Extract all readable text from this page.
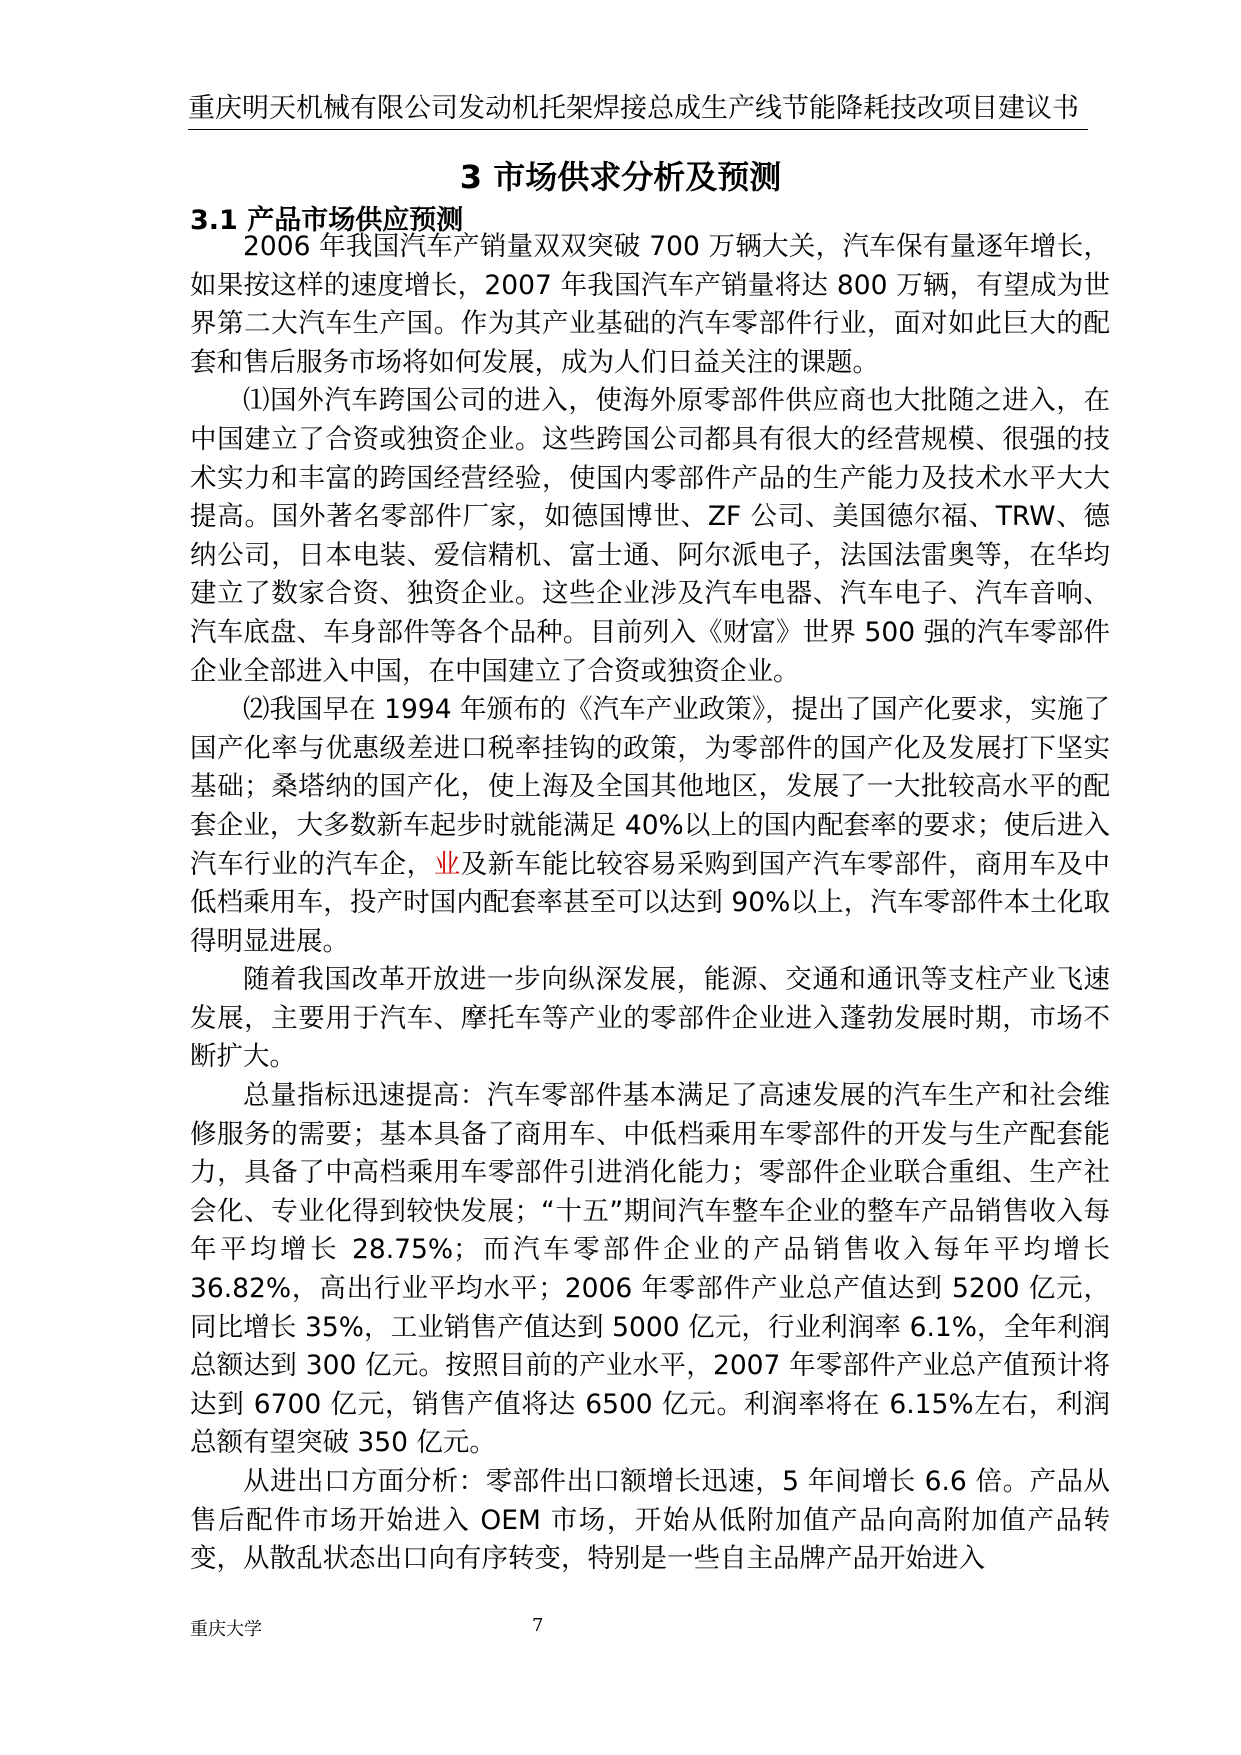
重庆明天机械有限公司发动机托架焊接总成生产线节能降耗技改项目建议书
3 市场供求分析及预测
3.1 产品市场供应预测

2006 年我国汽车产销量双双突破 700 万辆大关，汽车保有量逐年增长，如果按这样的速度增长，2007 年我国汽车产销量将达 800 万辆，有望成为世界第二大汽车生产国。作为其产业基础的汽车零部件行业，面对如此巨大的配套和售后服务市场将如何发展，成为人们日益关注的课题。

⑴国外汽车跨国公司的进入，使海外原零部件供应商也大批随之进入，在中国建立了合资或独资企业。这些跨国公司都具有很大的经营规模、很强的技术实力和丰富的跨国经营经验，使国内零部件产品的生产能力及技术水平大大提高。国外著名零部件厂家，如德国博世、ZF 公司、美国德尔福、TRW、德纳公司，日本电装、爱信精机、富士通、阿尔派电子，法国法雷奥等，在华均建立了数家合资、独资企业。这些企业涉及汽车电器、汽车电子、汽车音响、汽车底盘、车身部件等各个品种。目前列入《财富》世界 500 强的汽车零部件企业全部进入中国，在中国建立了合资或独资企业。

⑵我国早在 1994 年颁布的《汽车产业政策》，提出了国产化要求，实施了国产化率与优惠级差进口税率挂钩的政策，为零部件的国产化及发展打下坚实基础；桑塔纳的国产化，使上海及全国其他地区，发展了一大批较高水平的配套企业，大多数新车起步时就能满足 40%以上的国内配套率的要求；使后进入汽车行业的汽车企，业及新车能比较容易采购到国产汽车零部件，商用车及中低档乘用车，投产时国内配套率甚至可以达到 90%以上，汽车零部件本土化取得明显进展。

随着我国改革开放进一步向纵深发展，能源、交通和通讯等支柱产业飞速发展，主要用于汽车、摩托车等产业的零部件企业进入蓬勃发展时期，市场不断扩大。

总量指标迅速提高：汽车零部件基本满足了高速发展的汽车生产和社会维修服务的需要；基本具备了商用车、中低档乘用车零部件的开发与生产配套能力，具备了中高档乘用车零部件引进消化能力；零部件企业联合重组、生产社会化、专业化得到较快发展；“十五”期间汽车整车企业的整车产品销售收入每年平均增长 28.75%；而汽车零部件企业的产品销售收入每年平均增长 36.82%，高出行业平均水平；2006 年零部件产业总产值达到 5200 亿元，同比增长 35%，工业销售产值达到 5000 亿元，行业利润率 6.1%，全年利润总额达到 300 亿元。按照目前的产业水平，2007 年零部件产业总产值预计将达到 6700 亿元，销售产值将达 6500 亿元。利润率将在 6.15%左右，利润总额有望突破 350 亿元。

从进出口方面分析：零部件出口额增长迅速，5 年间增长 6.6 倍。产品从售后配件市场开始进入 OEM 市场，开始从低附加值产品向高附加值产品转变，从散乱状态出口向有序转变，特别是一些自主品牌产品开始进入

重庆大学	7
